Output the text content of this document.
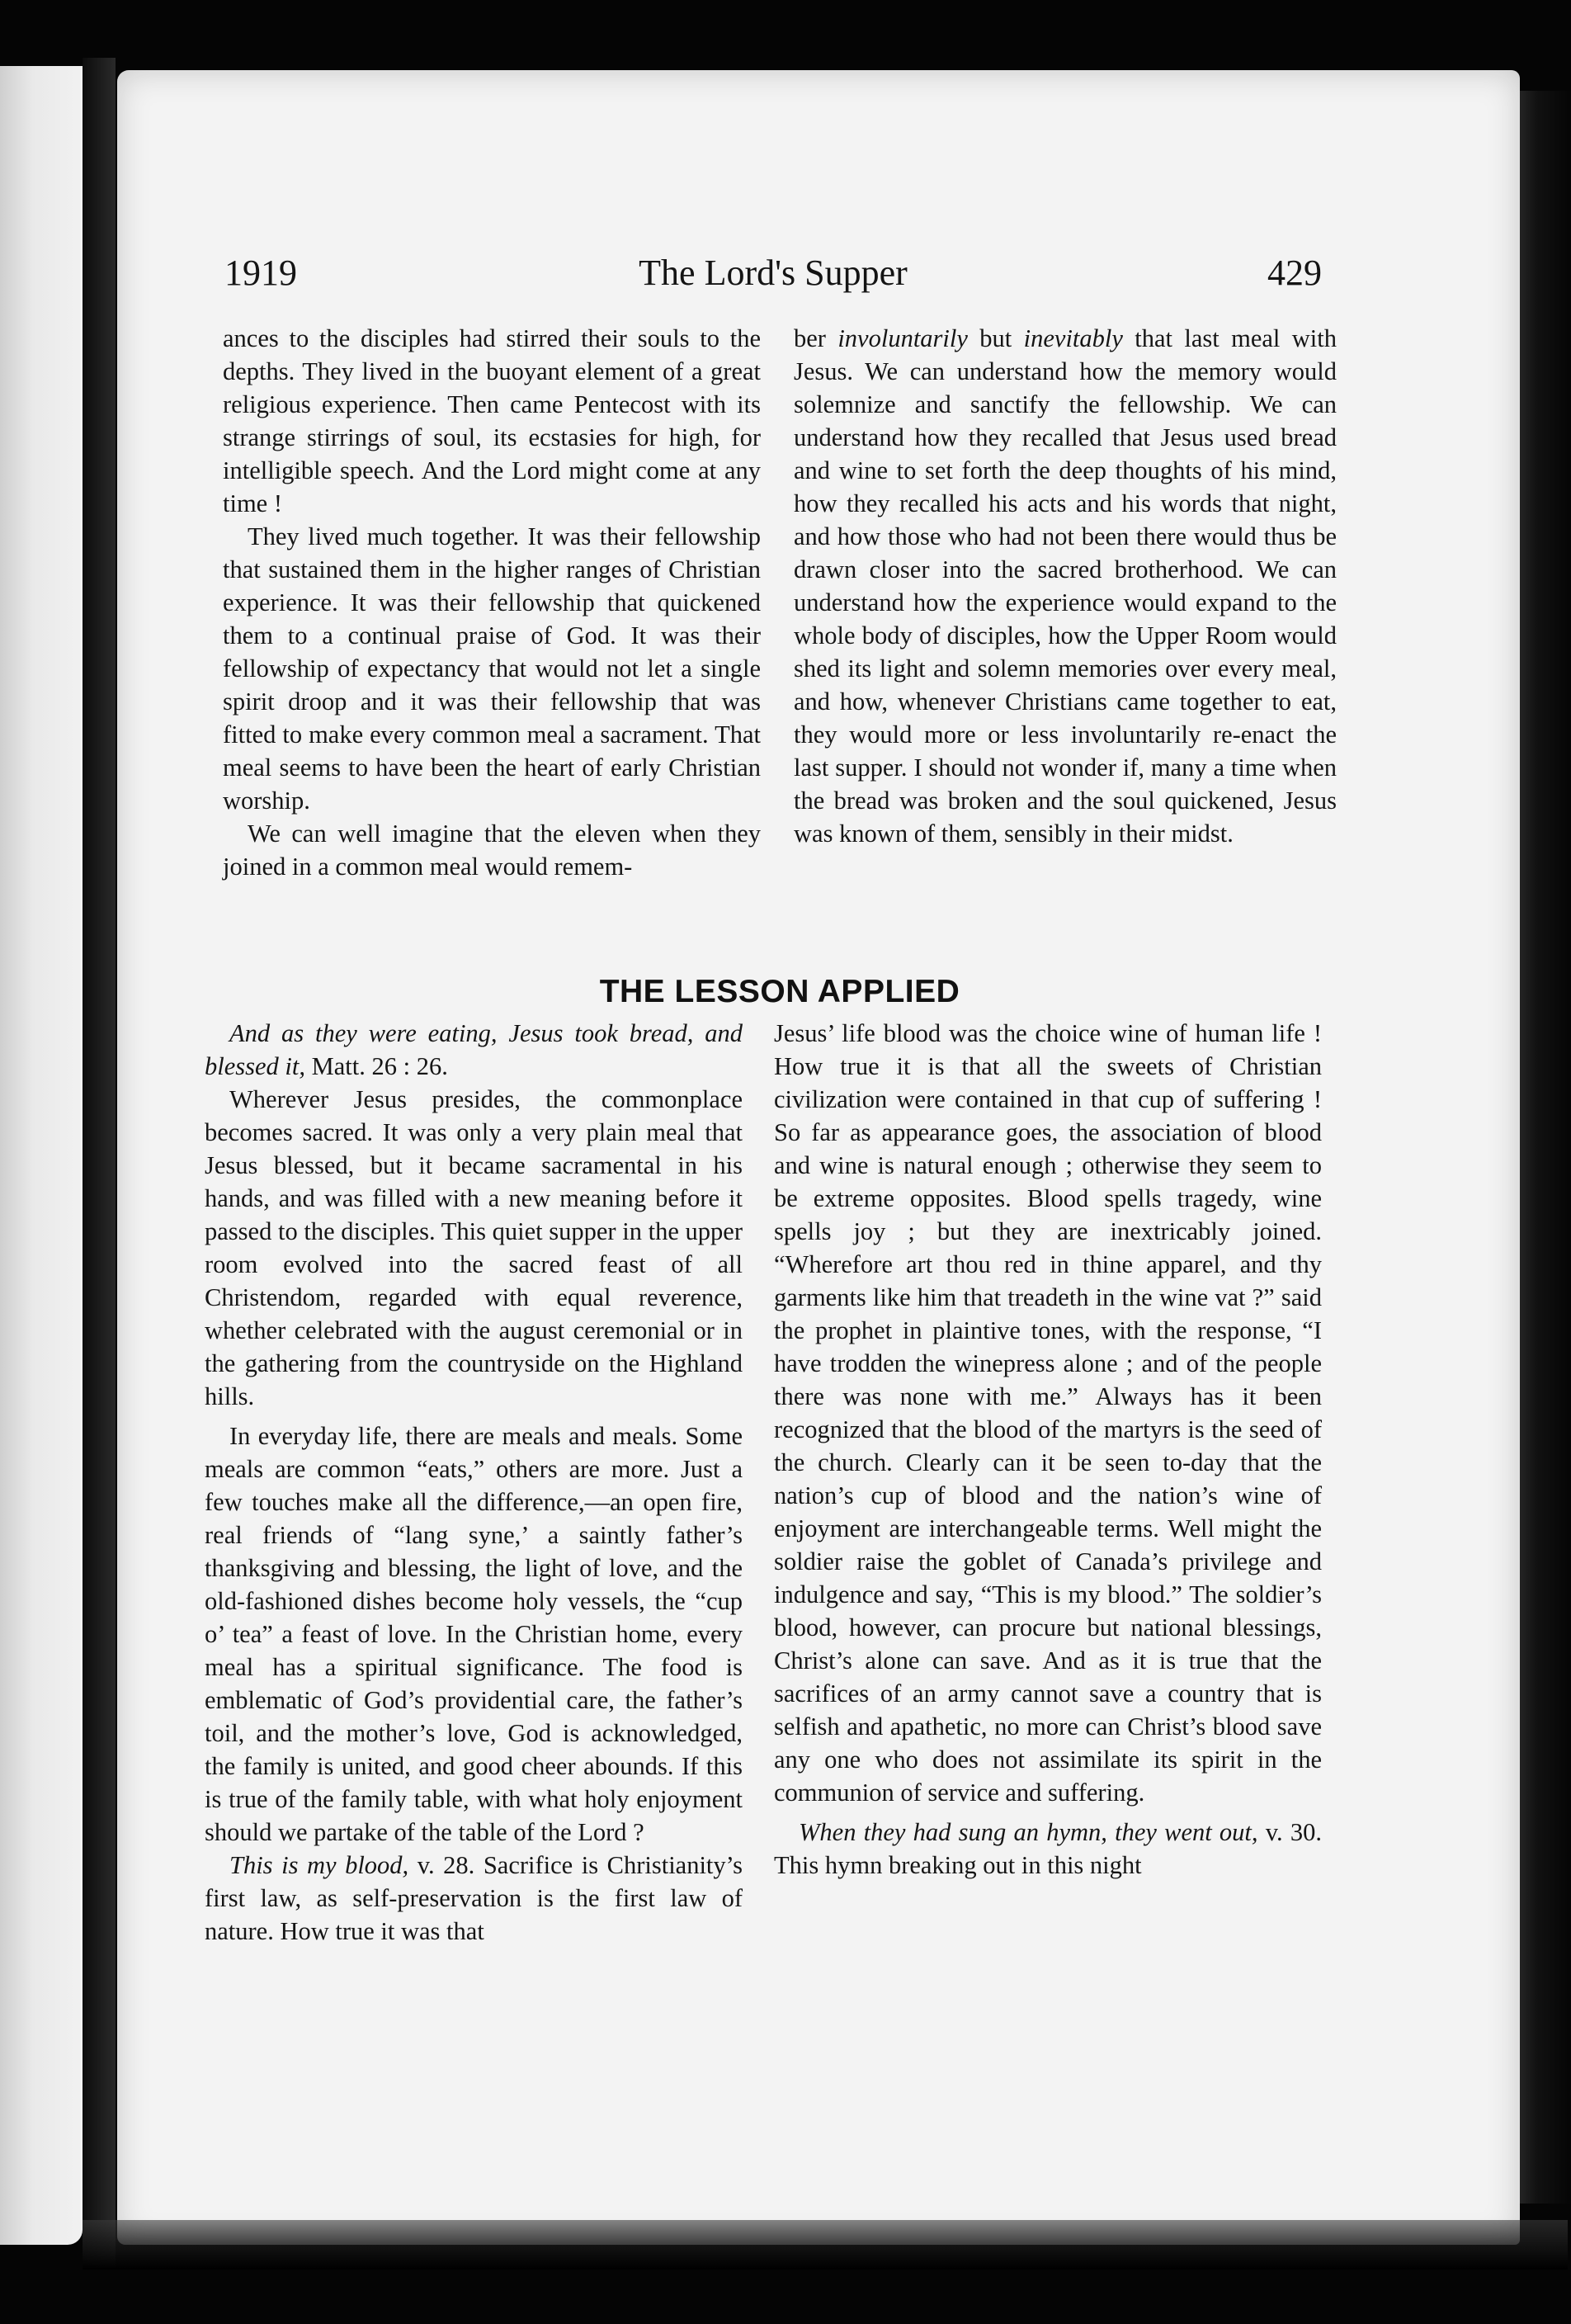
1919	The Lord's Supper	429

ances to the disciples had stirred their souls to the depths. They lived in the buoyant element of a great religious experience. Then came Pentecost with its strange stirrings of soul, its ecstasies for high, for intelligible speech. And the Lord might come at any time !

They lived much together. It was their fellowship that sustained them in the higher ranges of Christian experience. It was their fellowship that quickened them to a continual praise of God. It was their fellowship of expectancy that would not let a single spirit droop and it was their fellowship that was fitted to make every common meal a sacrament. That meal seems to have been the heart of early Christian worship.

We can well imagine that the eleven when they joined in a common meal would remem-

ber involuntarily but inevitably that last meal with Jesus. We can understand how the memory would solemnize and sanctify the fellowship. We can understand how they recalled that Jesus used bread and wine to set forth the deep thoughts of his mind, how they recalled his acts and his words that night, and how those who had not been there would thus be drawn closer into the sacred brotherhood. We can understand how the experience would expand to the whole body of disciples, how the Upper Room would shed its light and solemn memories over every meal, and how, whenever Christians came together to eat, they would more or less involuntarily re-enact the last supper. I should not wonder if, many a time when the bread was broken and the soul quickened, Jesus was known of them, sensibly in their midst.

THE LESSON APPLIED

And as they were eating, Jesus took bread, and blessed it, Matt. 26 : 26.

Wherever Jesus presides, the commonplace becomes sacred. It was only a very plain meal that Jesus blessed, but it became sacramental in his hands, and was filled with a new meaning before it passed to the disciples. This quiet supper in the upper room evolved into the sacred feast of all Christendom, regarded with equal reverence, whether celebrated with the august ceremonial or in the gathering from the countryside on the Highland hills.

In everyday life, there are meals and meals. Some meals are common “eats,” others are more. Just a few touches make all the difference,—an open fire, real friends of “lang syne,’ a saintly father’s thanksgiving and blessing, the light of love, and the old-fashioned dishes become holy vessels, the “cup o’ tea” a feast of love. In the Christian home, every meal has a spiritual significance. The food is emblematic of God’s providential care, the father’s toil, and the mother’s love, God is acknowledged, the family is united, and good cheer abounds. If this is true of the family table, with what holy enjoyment should we partake of the table of the Lord ?

This is my blood, v. 28. Sacrifice is Christianity’s first law, as self-preservation is the first law of nature. How true it was that

Jesus’ life blood was the choice wine of human life ! How true it is that all the sweets of Christian civilization were contained in that cup of suffering ! So far as appearance goes, the association of blood and wine is natural enough ; otherwise they seem to be extreme opposites. Blood spells tragedy, wine spells joy ; but they are inextricably joined. “Wherefore art thou red in thine apparel, and thy garments like him that treadeth in the wine vat ?” said the prophet in plaintive tones, with the response, “I have trodden the winepress alone ; and of the people there was none with me.” Always has it been recognized that the blood of the martyrs is the seed of the church. Clearly can it be seen to-day that the nation’s cup of blood and the nation’s wine of enjoyment are interchangeable terms. Well might the soldier raise the goblet of Canada’s privilege and indulgence and say, “This is my blood.” The soldier’s blood, however, can procure but national blessings, Christ’s alone can save. And as it is true that the sacrifices of an army cannot save a country that is selfish and apathetic, no more can Christ’s blood save any one who does not assimilate its spirit in the communion of service and suffering.

When they had sung an hymn, they went out, v. 30. This hymn breaking out in this night
